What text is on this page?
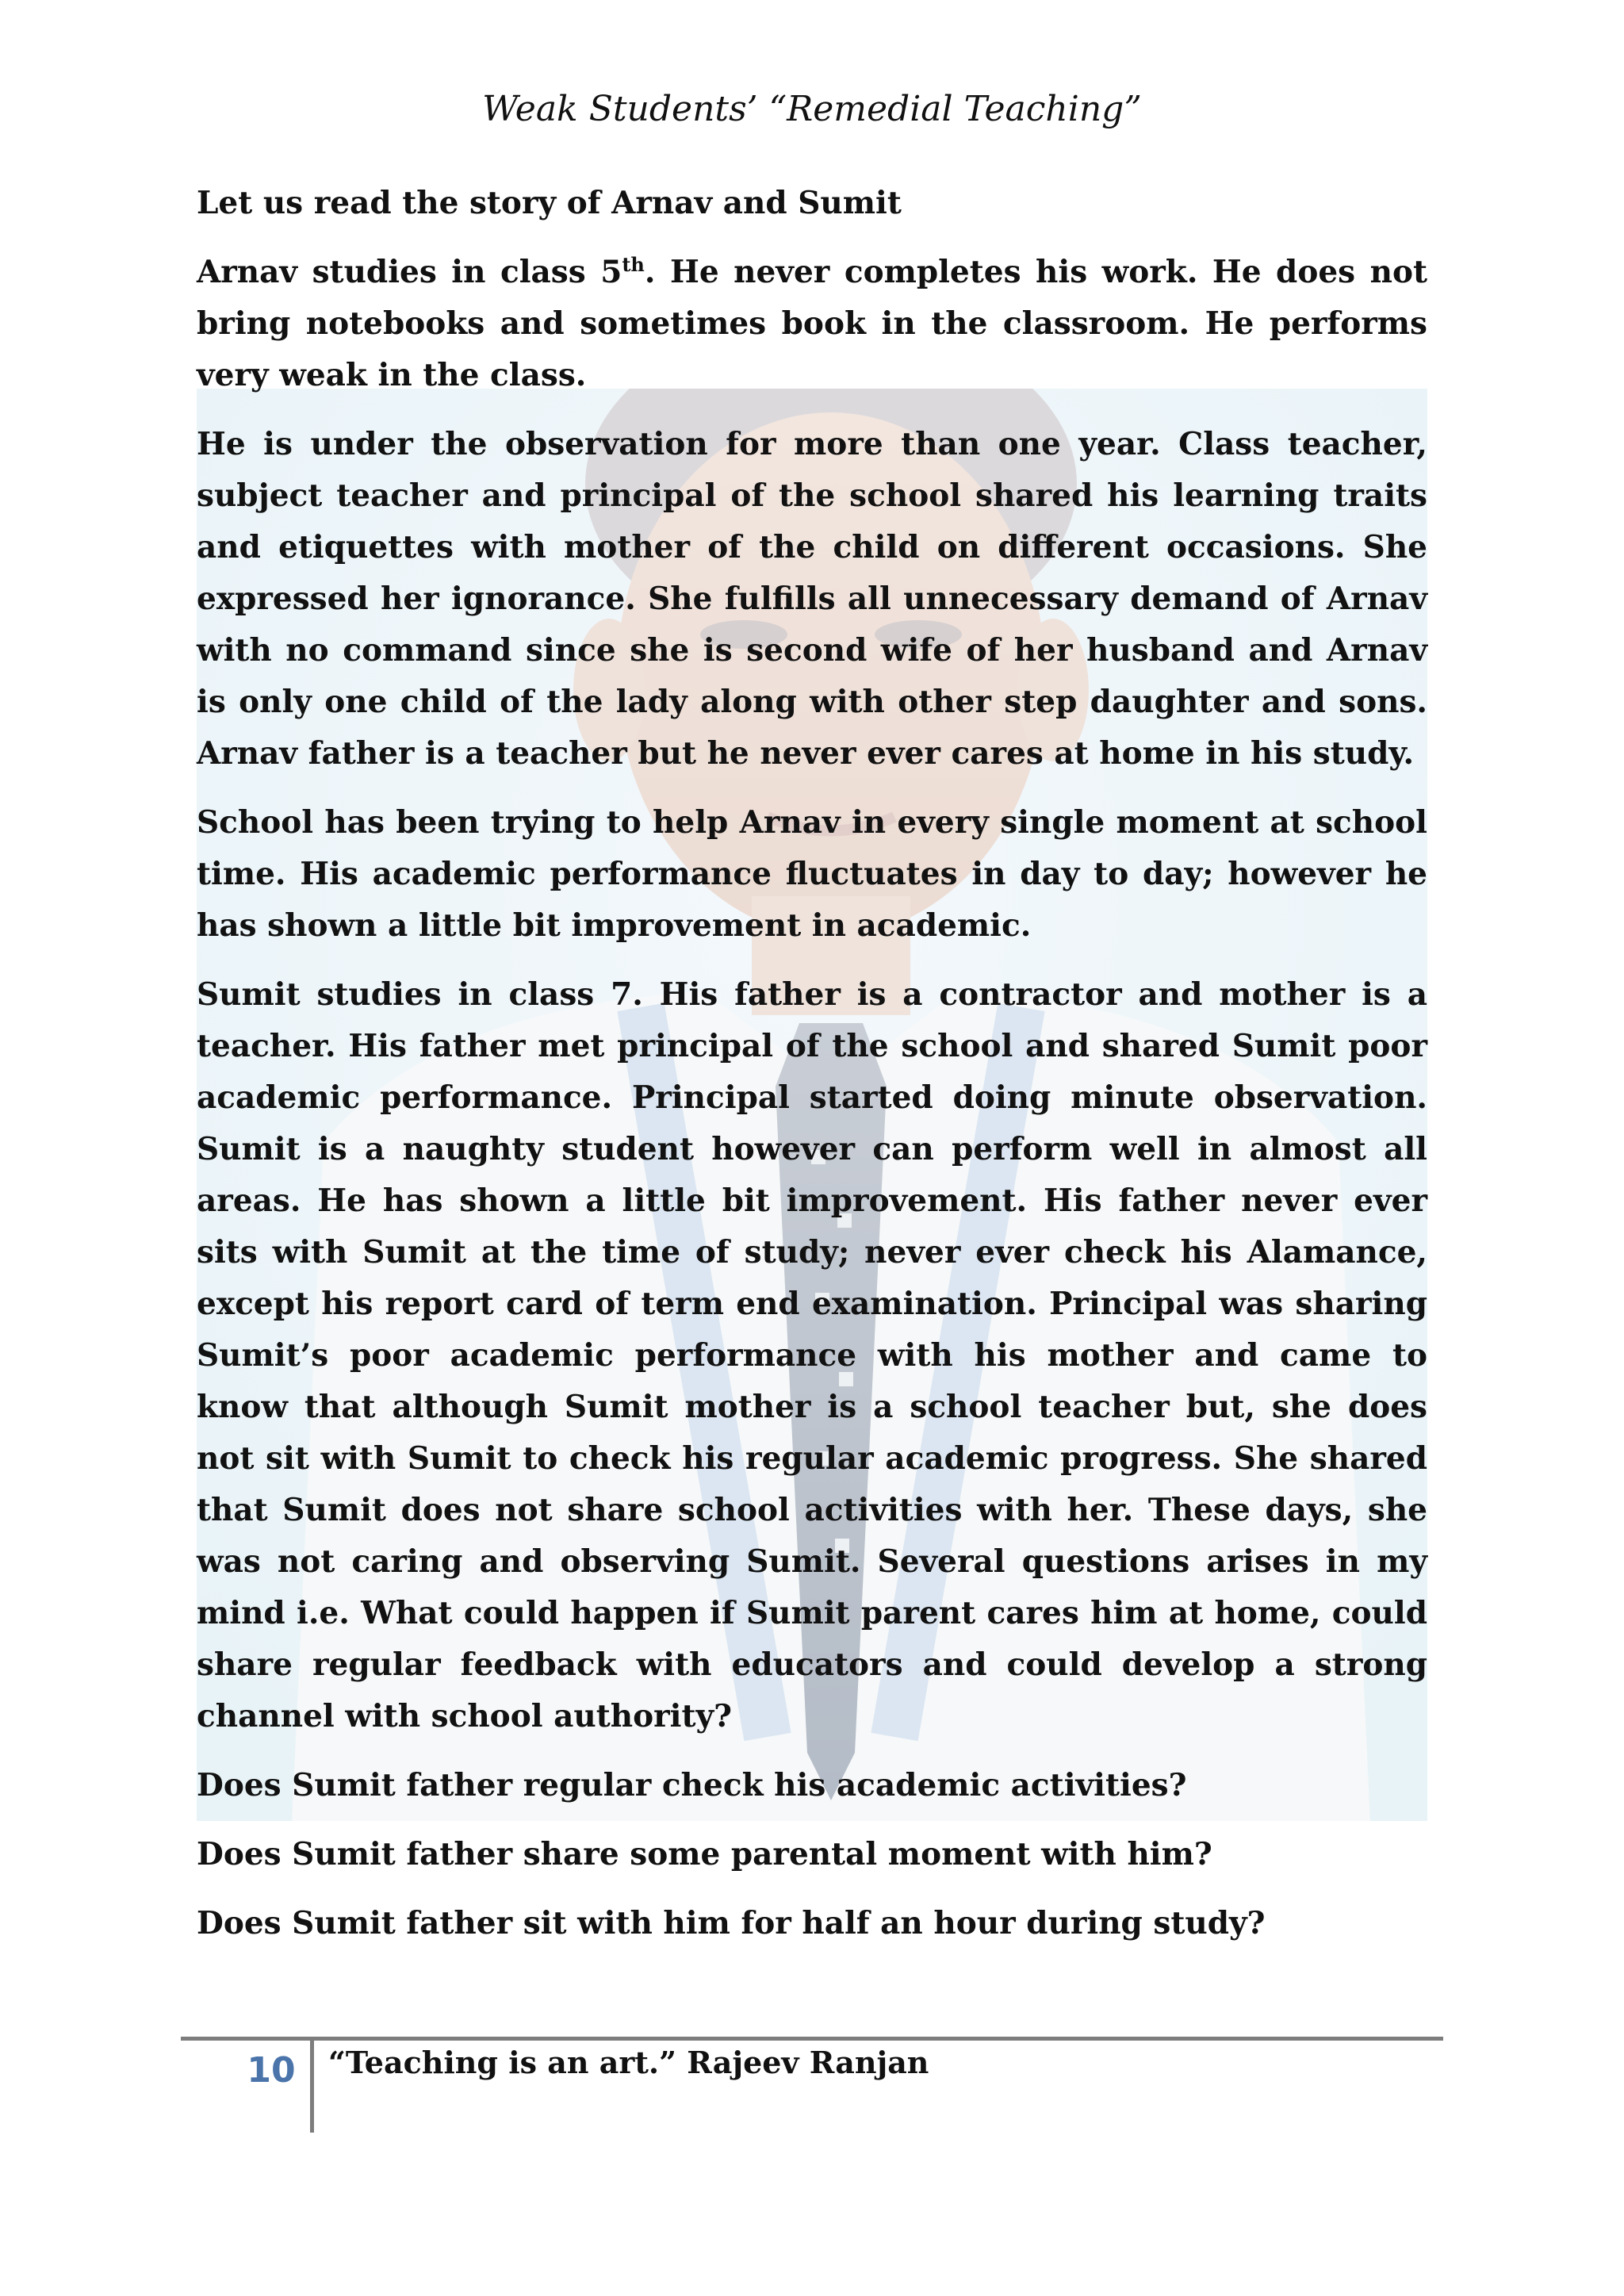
Weak Students’ “Remedial Teaching”

Let us read the story of Arnav and Sumit

Arnav studies in class 5th. He never completes his work. He does not bring notebooks and sometimes book in the classroom. He performs very weak in the class.

He is under the observation for more than one year. Class teacher, subject teacher and principal of the school shared his learning traits and etiquettes with mother of the child on different occasions. She expressed her ignorance. She fulfills all unnecessary demand of Arnav with no command since she is second wife of her husband and Arnav is only one child of the lady along with other step daughter and sons. Arnav father is a teacher but he never ever cares at home in his study.

School has been trying to help Arnav in every single moment at school time. His academic performance fluctuates in day to day; however he has shown a little bit improvement in academic.

Sumit studies in class 7. His father is a contractor and mother is a teacher. His father met principal of the school and shared Sumit poor academic performance. Principal started doing minute observation. Sumit is a naughty student however can perform well in almost all areas. He has shown a little bit improvement. His father never ever sits with Sumit at the time of study; never ever check his Alamance, except his report card of term end examination. Principal was sharing Sumit’s poor academic performance with his mother and came to know that although Sumit mother is a school teacher but, she does not sit with Sumit to check his regular academic progress. She shared that Sumit does not share school activities with her. These days, she was not caring and observing Sumit. Several questions arises in my mind i.e. What could happen if Sumit parent cares him at home, could share regular feedback with educators and could develop a strong channel with school authority?

Does Sumit father regular check his academic activities?

Does Sumit father share some parental moment with him?

Does Sumit father sit with him for half an hour during study?

10 “Teaching is an art.” Rajeev Ranjan
